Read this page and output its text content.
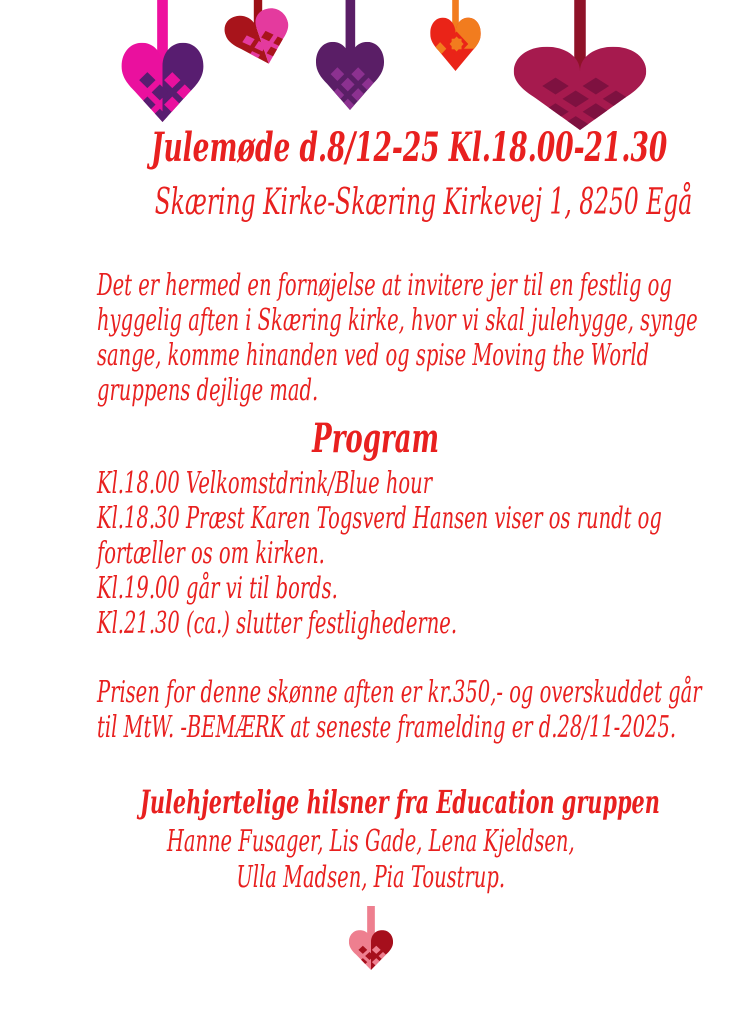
Julemøde d.8/12-25 Kl.18.00-21.30
Skæring Kirke-Skæring Kirkevej 1, 8250 Egå
Det er hermed en fornøjelse at invitere jer til en festlig og
hyggelig aften i Skæring kirke, hvor vi skal julehygge, synge
sange, komme hinanden ved og spise Moving the World
gruppens dejlige mad.
Program
Kl.18.00 Velkomstdrink/Blue hour
Kl.18.30 Præst Karen Togsverd Hansen viser os rundt og
fortæller os om kirken.
Kl.19.00 går vi til bords.
Kl.21.30 (ca.) slutter festlighederne.
Prisen for denne skønne aften er kr.350,- og overskuddet går
til MtW. -BEMÆRK at seneste framelding er d.28/11-2025.
Julehjertelige hilsner fra Education gruppen
Hanne Fusager, Lis Gade, Lena Kjeldsen,
Ulla Madsen, Pia Toustrup.
